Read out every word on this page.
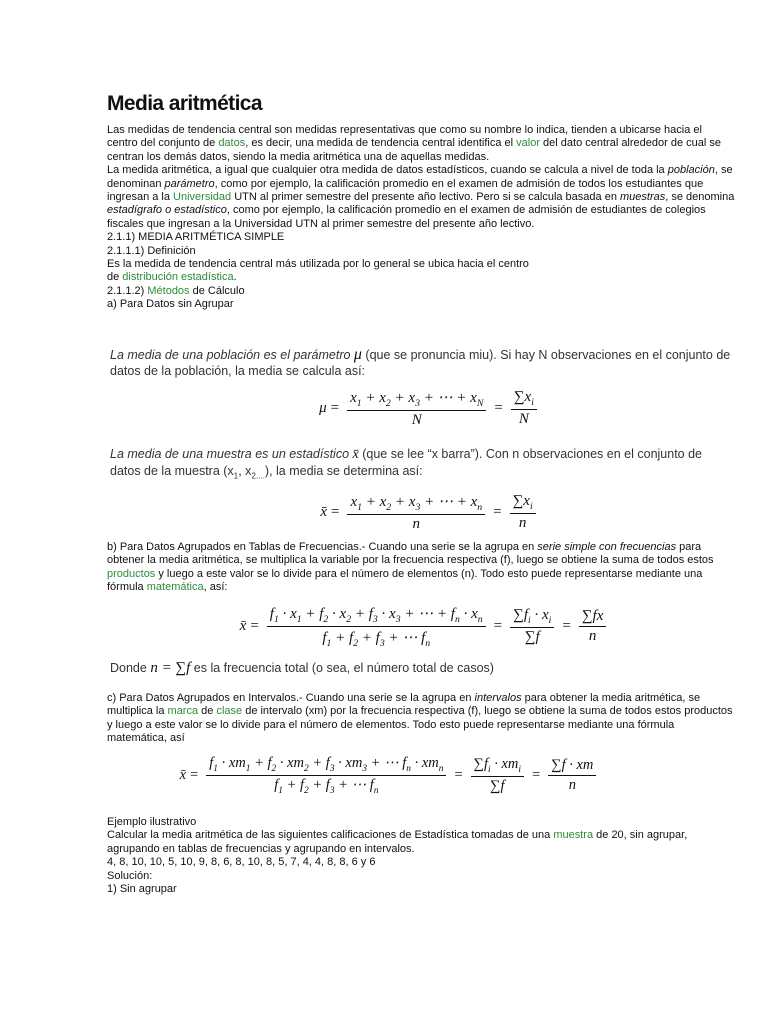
Media aritmética

Las medidas de tendencia central son medidas representativas que como su nombre lo indica, tienden a ubicarse hacia el centro del conjunto de datos, es decir, una medida de tendencia central identifica el valor del dato central alrededor de cual se centran los demás datos, siendo la media aritmética una de aquellas medidas.

La medida aritmética, a igual que cualquier otra medida de datos estadísticos, cuando se calcula a nivel de toda la población, se denominan parámetro, como por ejemplo, la calificación promedio en el examen de admisión de todos los estudiantes que ingresan a la Universidad UTN al primer semestre del presente año lectivo. Pero si se calcula basada en muestras, se denomina estadígrafo o estadístico, como por ejemplo, la calificación promedio en el examen de admisión de estudiantes de colegios fiscales que ingresan a la Universidad UTN al primer semestre del presente año lectivo.

2.1.1) MEDIA ARITMÉTICA SIMPLE

2.1.1.1) Definición

Es la medida de tendencia central más utilizada por lo general se ubica hacia el centro
de distribución estadística.

2.1.1.2) Métodos de Cálculo

a) Para Datos sin Agrupar

La media de una población es el parámetro μ (que se pronuncia miu). Si hay N observaciones en el conjunto de
datos de la población, la media se calcula así:
$\mu = \frac{x_1 + x_2 + x_3 + \cdots + x_N}{N} = \frac{\sum x_i}{N}$
La media de una muestra es un estadístico x̄ (que se lee “x barra”). Con n observaciones en el conjunto de
datos de la muestra ($x_1$, $x_{2....}$), la media se determina así:
x̄ = $\frac{x_1 + x_2 + x_3 + \cdots + x_n}{n} = \frac{\sum x_i}{n}$
b) Para Datos Agrupados en Tablas de Frecuencias.- Cuando una serie se la agrupa en serie simple con frecuencias para obtener la media aritmética, se multiplica la variable por la frecuencia respectiva (f), luego se obtiene la suma de todos estos productos y luego a este valor se lo divide para el número de elementos (n). Todo esto puede representarse mediante una fórmula matemática, así:
x̄ = $\frac{f_1 \cdot x_1 + f_2 \cdot x_2 + f_3 \cdot x_3 + \cdots + f_n \cdot x_n}{f_1 + f_2 + f_3 + \cdots f_n} = \frac{\sum f_i \cdot x_i}{\sum f} = \frac{\sum fx}{n}$
Donde n = ∑f es la frecuencia total (o sea, el número total de casos)
c) Para Datos Agrupados en Intervalos.- Cuando una serie se la agrupa en intervalos para obtener la media aritmética, se multiplica la marca de clase de intervalo (xm) por la frecuencia respectiva (f), luego se obtiene la suma de todos estos productos y luego a este valor se lo divide para el número de elementos. Todo esto puede representarse mediante una fórmula matemática, así
x̄ = $\frac{f_1 \cdot xm_1 + f_2 \cdot xm_2 + f_3 \cdot xm_3 + \cdots f_n \cdot xm_n}{f_1 + f_2 + f_3 + \cdots f_n} = \frac{\sum f_i \cdot xm_i}{\sum f} = \frac{\sum f \cdot xm}{n}$
Ejemplo ilustrativo
Calcular la media aritmética de las siguientes calificaciones de Estadística tomadas de una muestra de 20, sin agrupar, agrupando en tablas de frecuencias y agrupando en intervalos.
4, 8, 10, 10, 5, 10, 9, 8, 6, 8, 10, 8, 5, 7, 4, 4, 8, 8, 6 y 6
Solución:
1) Sin agrupar
